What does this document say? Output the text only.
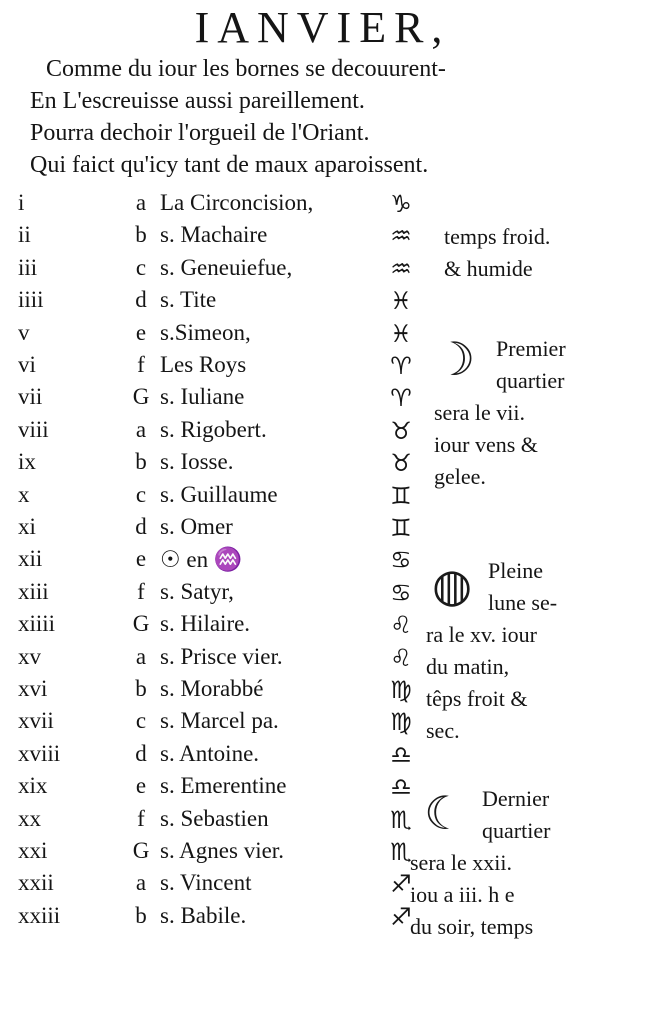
IANVIER,
Comme du iour les bornes se decouurent-
En L'escreuisse aussi pareillement.
Pourra dechoir l'orgueil de l'Oriant.
Qui faict qu'icy tant de maux aparoissent.
i	a La Circoncision,	♑
ii	b s. Machaire	♒
iii	c s. Geneuiefue,	♒
iiii	d s. Tite	♓
v	e s.Simeon,	♓
vi	f Les Roys	♈
vii	G s. Iuliane	♈
viii	a s. Rigobert.	♉
ix	b s. Iosse.	♉
x	c s. Guillaume	♊
xi	d s. Omer	♊
xii	e ☉ en ♒	♋
xiii	f s. Satyr,	♋
xiiii	G s. Hilaire.	♌
xv	a s. Prisce vier.	♌
xvi	b s. Morabbé	♍
xvii	c s. Marcel pa.	♍
xviii	d s. Antoine.	♎
xix	e s. Emerentine	♎
xx	f s. Sebastien	♏
xxi	G s. Agnes vier.	♏
xxii	a s. Vincent	♐
xxiii	b s. Babile.	♐
temps froid.
& humide
☽ Premier
quartier
sera le vii.
iour vens &
gelee.
◍ Pleine
lune se-
ra le xv. iour
du matin,
têps froit &
sec.
☾ Dernier
quartier
sera le xxii.
iou a iii. h e
du soir, temps
